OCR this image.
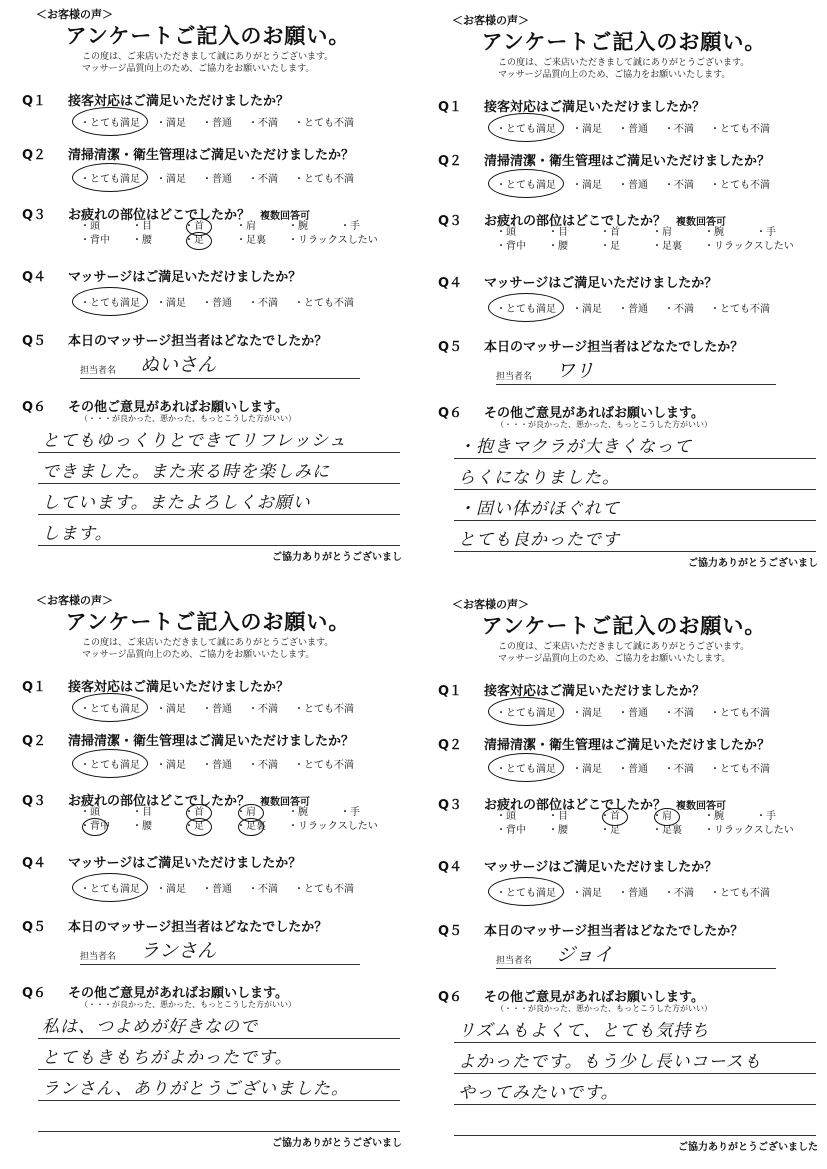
＜お客様の声＞
アンケートご記入のお願い。
この度は、ご来店いただきまして誠にありがとうございます。
マッサージ品質向上のため、ご協力をお願いいたします。
Q１ 接客対応はご満足いただけましたか？
・とても満足 ・満足 ・普通 ・不満 ・とても不満
Q２ 清掃清潔・衛生管理はご満足いただけましたか？
・とても満足 ・満足 ・普通 ・不満 ・とても不満
Q３ お疲れの部位はどこでしたか？ 複数回答可
・頭	・目	・首	・肩	・腕	・手
・背中 ・腰	・足	・足裏 ・リラックスしたい
Q４ マッサージはご満足いただけましたか？
・とても満足 ・満足 ・普通 ・不満 ・とても不満
Q５ 本日のマッサージ担当者はどなたでしたか？
担当者名 ぬいさん
Q６ その他ご意見があればお願いします。
（・・・が良かった、悪かった、もっとこうした方がいい）
とてもゆっくりとできてリフレッシュ
できました。また来る時を楽しみに
しています。またよろしくお願い
します。
ご協力ありがとうございまし
＜お客様の声＞
アンケートご記入のお願い。
この度は、ご来店いただきまして誠にありがとうございます。
マッサージ品質向上のため、ご協力をお願いいたします。
Q１ 接客対応はご満足いただけましたか？
・とても満足 ・満足 ・普通 ・不満 ・とても不満
Q２ 清掃清潔・衛生管理はご満足いただけましたか？
・とても満足 ・満足 ・普通 ・不満 ・とても不満
Q３ お疲れの部位はどこでしたか？ 複数回答可
・頭	・目	・首	・肩	・腕	・手
・背中 ・腰	・足	・足裏 ・リラックスしたい
Q４ マッサージはご満足いただけましたか？
・とても満足 ・満足 ・普通 ・不満 ・とても不満
Q５ 本日のマッサージ担当者はどなたでしたか？
担当者名 ワリ
Q６ その他ご意見があればお願いします。
（・・・が良かった、悪かった、もっとこうした方がいい）
・抱きマクラが大きくなって
らくになりました。
・固い体がほぐれて
とても良かったです
ご協力ありがとうございまし
＜お客様の声＞
アンケートご記入のお願い。
この度は、ご来店いただきまして誠にありがとうございます。
マッサージ品質向上のため、ご協力をお願いいたします。
Q１ 接客対応はご満足いただけましたか？
・とても満足 ・満足 ・普通 ・不満 ・とても不満
Q２ 清掃清潔・衛生管理はご満足いただけましたか？
・とても満足 ・満足 ・普通 ・不満 ・とても不満
Q３ お疲れの部位はどこでしたか？ 複数回答可
・頭	・目	・首	・肩	・腕	・手
・背中 ・腰	・足	・足裏 ・リラックスしたい
Q４ マッサージはご満足いただけましたか？
・とても満足 ・満足 ・普通 ・不満 ・とても不満
Q５ 本日のマッサージ担当者はどなたでしたか？
担当者名 ランさん
Q６ その他ご意見があればお願いします。
（・・・が良かった、悪かった、もっとこうした方がいい）
私は、つよめが好きなので
とてもきもちがよかったです。
ランさん、ありがとうございました。
ご協力ありがとうございまし
＜お客様の声＞
アンケートご記入のお願い。
この度は、ご来店いただきまして誠にありがとうございます。
マッサージ品質向上のため、ご協力をお願いいたします。
Q１ 接客対応はご満足いただけましたか？
・とても満足 ・満足 ・普通 ・不満 ・とても不満
Q２ 清掃清潔・衛生管理はご満足いただけましたか？
・とても満足 ・満足 ・普通 ・不満 ・とても不満
Q３ お疲れの部位はどこでしたか？ 複数回答可
・頭	・目	・首	・肩	・腕	・手
・背中 ・腰	・足	・足裏 ・リラックスしたい
Q４ マッサージはご満足いただけましたか？
・とても満足 ・満足 ・普通 ・不満 ・とても不満
Q５ 本日のマッサージ担当者はどなたでしたか？
担当者名 ジョイ
Q６ その他ご意見があればお願いします。
（・・・が良かった、悪かった、もっとこうした方がいい）
リズムもよくて、とても気持ち
よかったです。もう少し長いコースも
やってみたいです。
ご協力ありがとうございました
